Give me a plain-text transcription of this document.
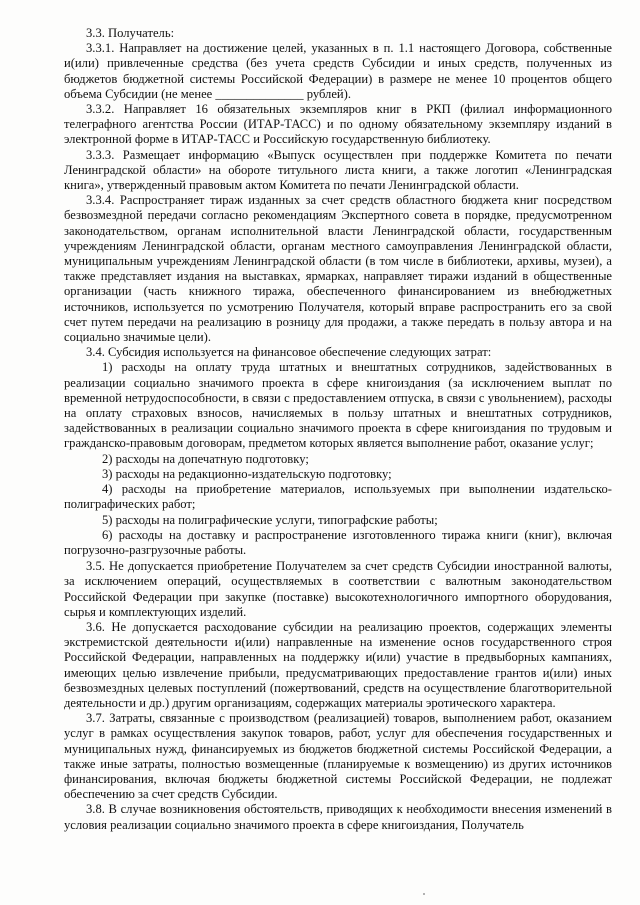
3.3. Получатель:

3.3.1. Направляет на достижение целей, указанных в п. 1.1 настоящего Договора, собственные и(или) привлеченные средства (без учета средств Субсидии и иных средств, полученных из бюджетов бюджетной системы Российской Федерации) в размере не менее 10 процентов общего объема Субсидии (не менее ______________ рублей).

3.3.2. Направляет 16 обязательных экземпляров книг в РКП (филиал информационного телеграфного агентства России (ИТАР-ТАСС) и по одному обязательному экземпляру изданий в электронной форме в ИТАР-ТАСС и Российскую государственную библиотеку.

3.3.3. Размещает информацию «Выпуск осуществлен при поддержке Комитета по печати Ленинградской области» на обороте титульного листа книги, а также логотип «Ленинградская книга», утвержденный правовым актом Комитета по печати Ленинградской области.

3.3.4. Распространяет тираж изданных за счет средств областного бюджета книг посредством безвозмездной передачи согласно рекомендациям Экспертного совета в порядке, предусмотренном законодательством, органам исполнительной власти Ленинградской области, государственным учреждениям Ленинградской области, органам местного самоуправления Ленинградской области, муниципальным учреждениям Ленинградской области (в том числе в библиотеки, архивы, музеи), а также представляет издания на выставках, ярмарках, направляет тиражи изданий в общественные организации (часть книжного тиража, обеспеченного финансированием из внебюджетных источников, используется по усмотрению Получателя, который вправе распространить его за свой счет путем передачи на реализацию в розницу для продажи, а также передать в пользу автора и на социально значимые цели).

3.4. Субсидия используется на финансовое обеспечение следующих затрат:

1) расходы на оплату труда штатных и внештатных сотрудников, задействованных в реализации социально значимого проекта в сфере книгоиздания (за исключением выплат по временной нетрудоспособности, в связи с предоставлением отпуска, в связи с увольнением), расходы на оплату страховых взносов, начисляемых в пользу штатных и внештатных сотрудников, задействованных в реализации социально значимого проекта в сфере книгоиздания по трудовым и гражданско-правовым договорам, предметом которых является выполнение работ, оказание услуг;

2) расходы на допечатную подготовку;

3) расходы на редакционно-издательскую подготовку;

4) расходы на приобретение материалов, используемых при выполнении издательско-полиграфических работ;

5) расходы на полиграфические услуги, типографские работы;

6) расходы на доставку и распространение изготовленного тиража книги (книг), включая погрузочно-разгрузочные работы.

3.5. Не допускается приобретение Получателем за счет средств Субсидии иностранной валюты, за исключением операций, осуществляемых в соответствии с валютным законодательством Российской Федерации при закупке (поставке) высокотехнологичного импортного оборудования, сырья и комплектующих изделий.

3.6. Не допускается расходование субсидии на реализацию проектов, содержащих элементы экстремистской деятельности и(или) направленные на изменение основ государственного строя Российской Федерации, направленных на поддержку и(или) участие в предвыборных кампаниях, имеющих целью извлечение прибыли, предусматривающих предоставление грантов и(или) иных безвозмездных целевых поступлений (пожертвований, средств на осуществление благотворительной деятельности и др.) другим организациям, содержащих материалы эротического характера.

3.7. Затраты, связанные с производством (реализацией) товаров, выполнением работ, оказанием услуг в рамках осуществления закупок товаров, работ, услуг для обеспечения государственных и муниципальных нужд, финансируемых из бюджетов бюджетной системы Российской Федерации, а также иные затраты, полностью возмещенные (планируемые к возмещению) из других источников финансирования, включая бюджеты бюджетной системы Российской Федерации, не подлежат обеспечению за счет средств Субсидии.

3.8. В случае возникновения обстоятельств, приводящих к необходимости внесения изменений в условия реализации социально значимого проекта в сфере книгоиздания, Получатель
